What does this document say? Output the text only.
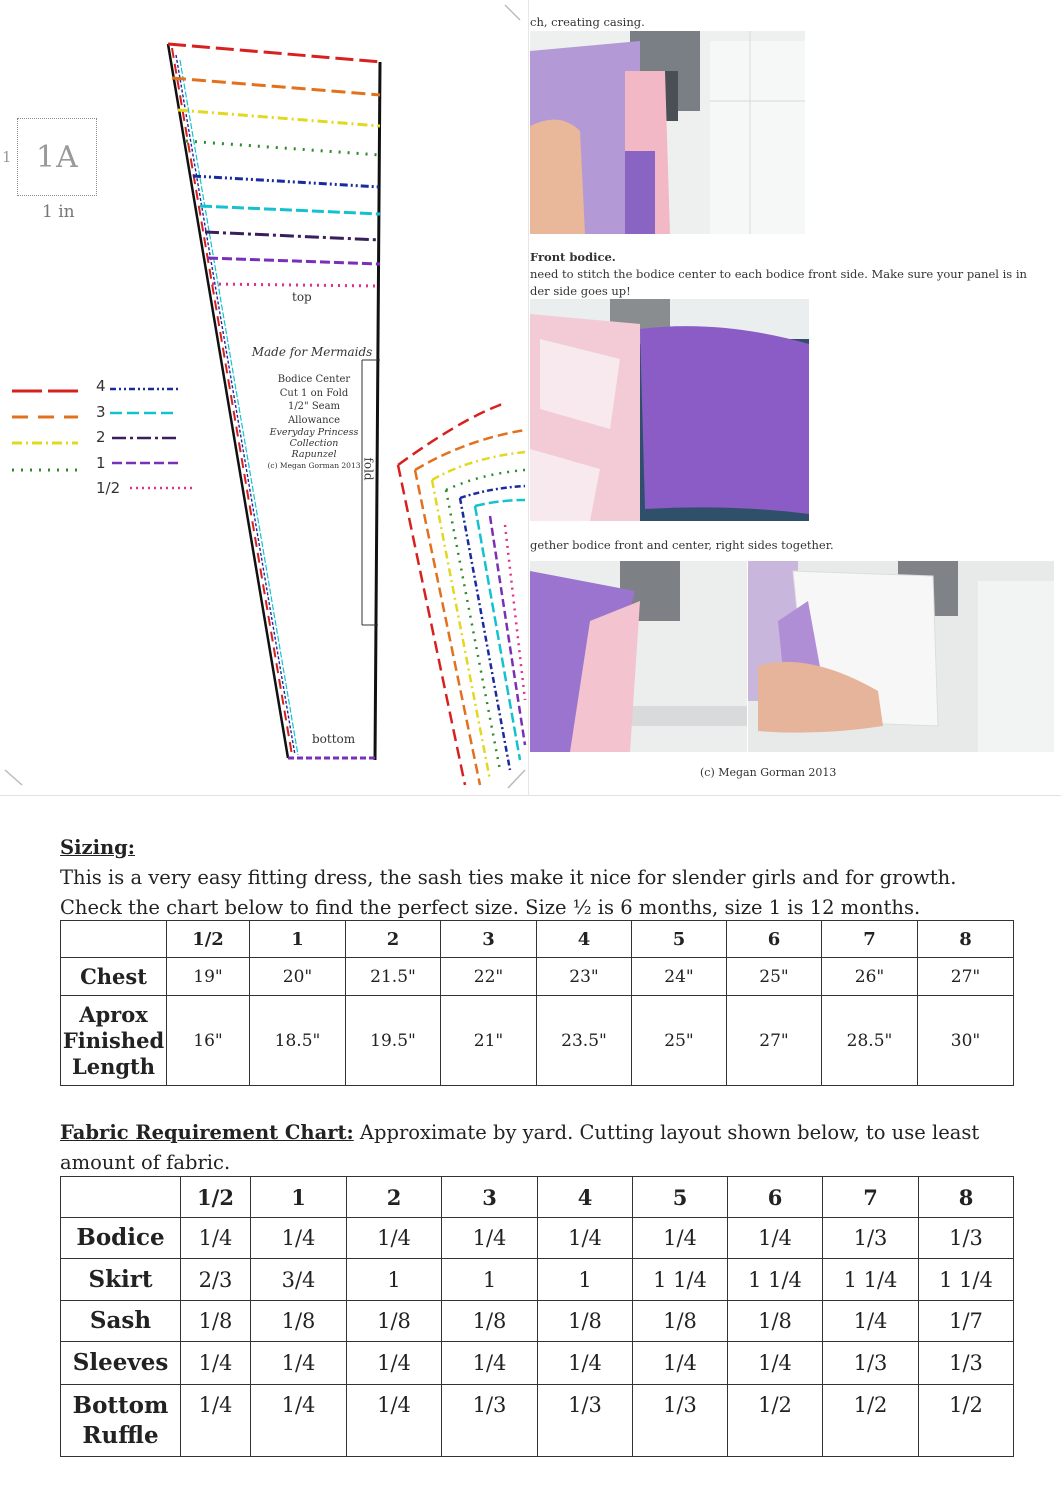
1 1A
1 in
4
3
2
1
1/2
top
bottom
fold
Made for Mermaids
Bodice Center
Cut 1 on Fold
1/2" Seam
Allowance
Everyday Princess Collection
Rapunzel
(c) Megan Gorman 2013
ch, creating casing.
Front bodice.
need to stitch the bodice center to each bodice front side. Make sure your panel is in
der side goes up!
gether bodice front and center, right sides together.
(c) Megan Gorman 2013
Sizing:
This is a very easy fitting dress, the sash ties make it nice for slender girls and for growth. Check the chart below to find the perfect size. Size ½ is 6 months, size 1 is 12 months.
	1/2	1	2	3	4	5	6	7	8
Chest	19"	20"	21.5"	22"	23"	24"	25"	26"	27"
Aprox Finished Length	16"	18.5"	19.5"	21"	23.5"	25"	27"	28.5"	30"
Fabric Requirement Chart: Approximate by yard. Cutting layout shown below, to use least amount of fabric.
	1/2	1	2	3	4	5	6	7	8
Bodice	1/4	1/4	1/4	1/4	1/4	1/4	1/4	1/3	1/3
Skirt	2/3	3/4	1	1	1	1 1/4	1 1/4	1 1/4	1 1/4
Sash	1/8	1/8	1/8	1/8	1/8	1/8	1/8	1/4	1/7
Sleeves	1/4	1/4	1/4	1/4	1/4	1/4	1/4	1/3	1/3
Bottom Ruffle	1/4	1/4	1/4	1/3	1/3	1/3	1/2	1/2	1/2
